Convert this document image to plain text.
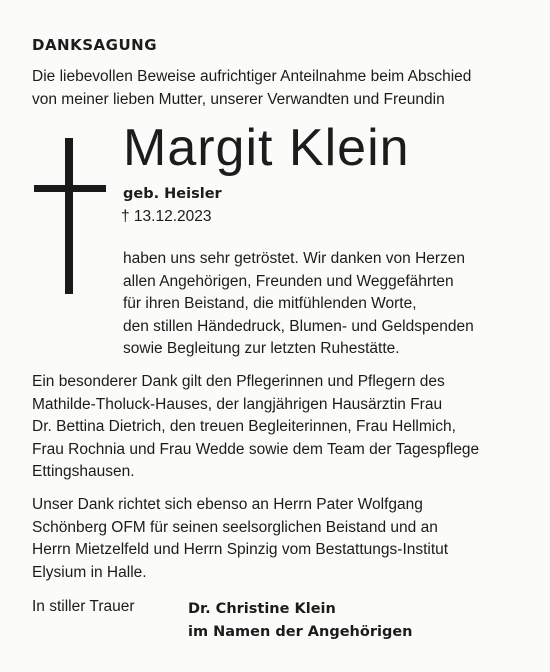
DANKSAGUNG
Die liebevollen Beweise aufrichtiger Anteilnahme beim Abschied
von meiner lieben Mutter, unserer Verwandten und Freundin
Margit Klein
geb. Heisler
† 13.12.2023
haben uns sehr getröstet. Wir danken von Herzen
allen Angehörigen, Freunden und Weggefährten
für ihren Beistand, die mitfühlenden Worte,
den stillen Händedruck, Blumen- und Geldspenden
sowie Begleitung zur letzten Ruhestätte.
Ein besonderer Dank gilt den Pflegerinnen und Pflegern des
Mathilde-Tholuck-Hauses, der langjährigen Hausärztin Frau
Dr. Bettina Dietrich, den treuen Begleiterinnen, Frau Hellmich,
Frau Rochnia und Frau Wedde sowie dem Team der Tagespflege
Ettingshausen.
Unser Dank richtet sich ebenso an Herrn Pater Wolfgang
Schönberg OFM für seinen seelsorglichen Beistand und an
Herrn Mietzelfeld und Herrn Spinzig vom Bestattungs-Institut
Elysium in Halle.
In stiller Trauer	Dr. Christine Klein
im Namen der Angehörigen
